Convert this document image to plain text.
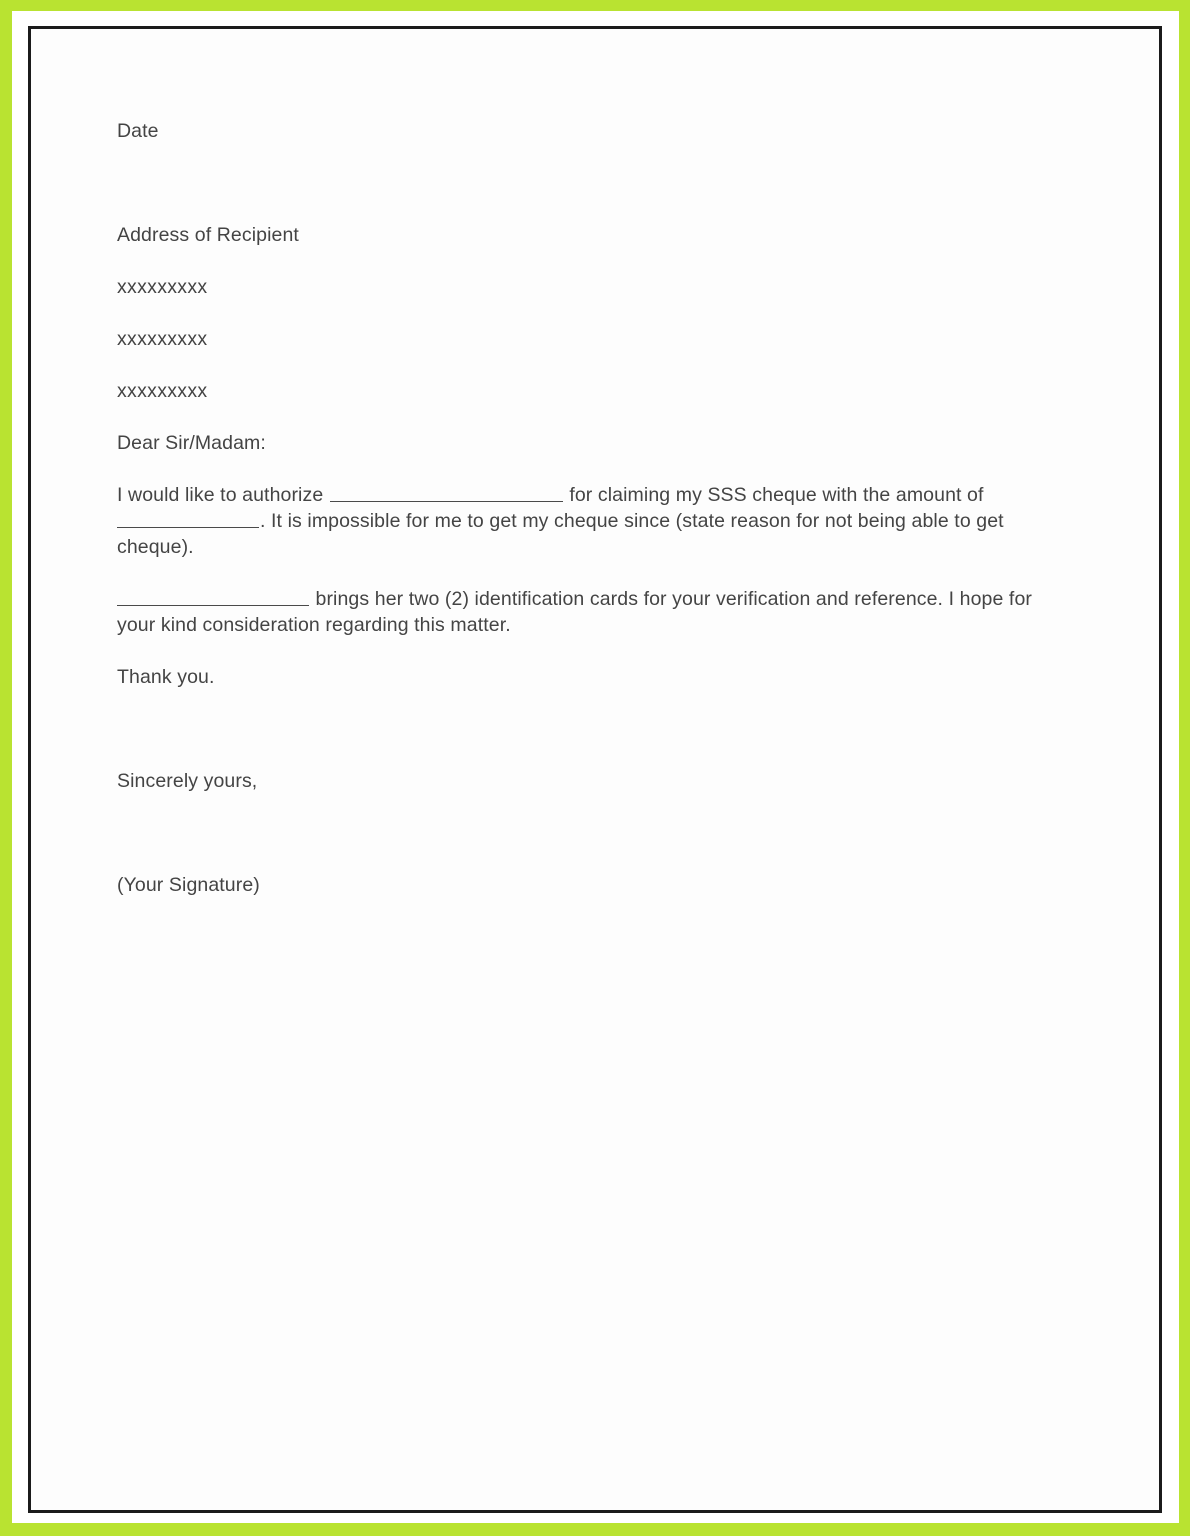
Date

Address of Recipient

xxxxxxxxx

xxxxxxxxx

xxxxxxxxx

Dear Sir/Madam:

I would like to authorize	for claiming my SSS cheque with the amount of. It is impossible for me to get my cheque since (state reason for not being able to get cheque).

brings her two (2) identification cards for your verification and reference. I hope for your kind consideration regarding this matter.

Thank you.

Sincerely yours,

(Your Signature)
